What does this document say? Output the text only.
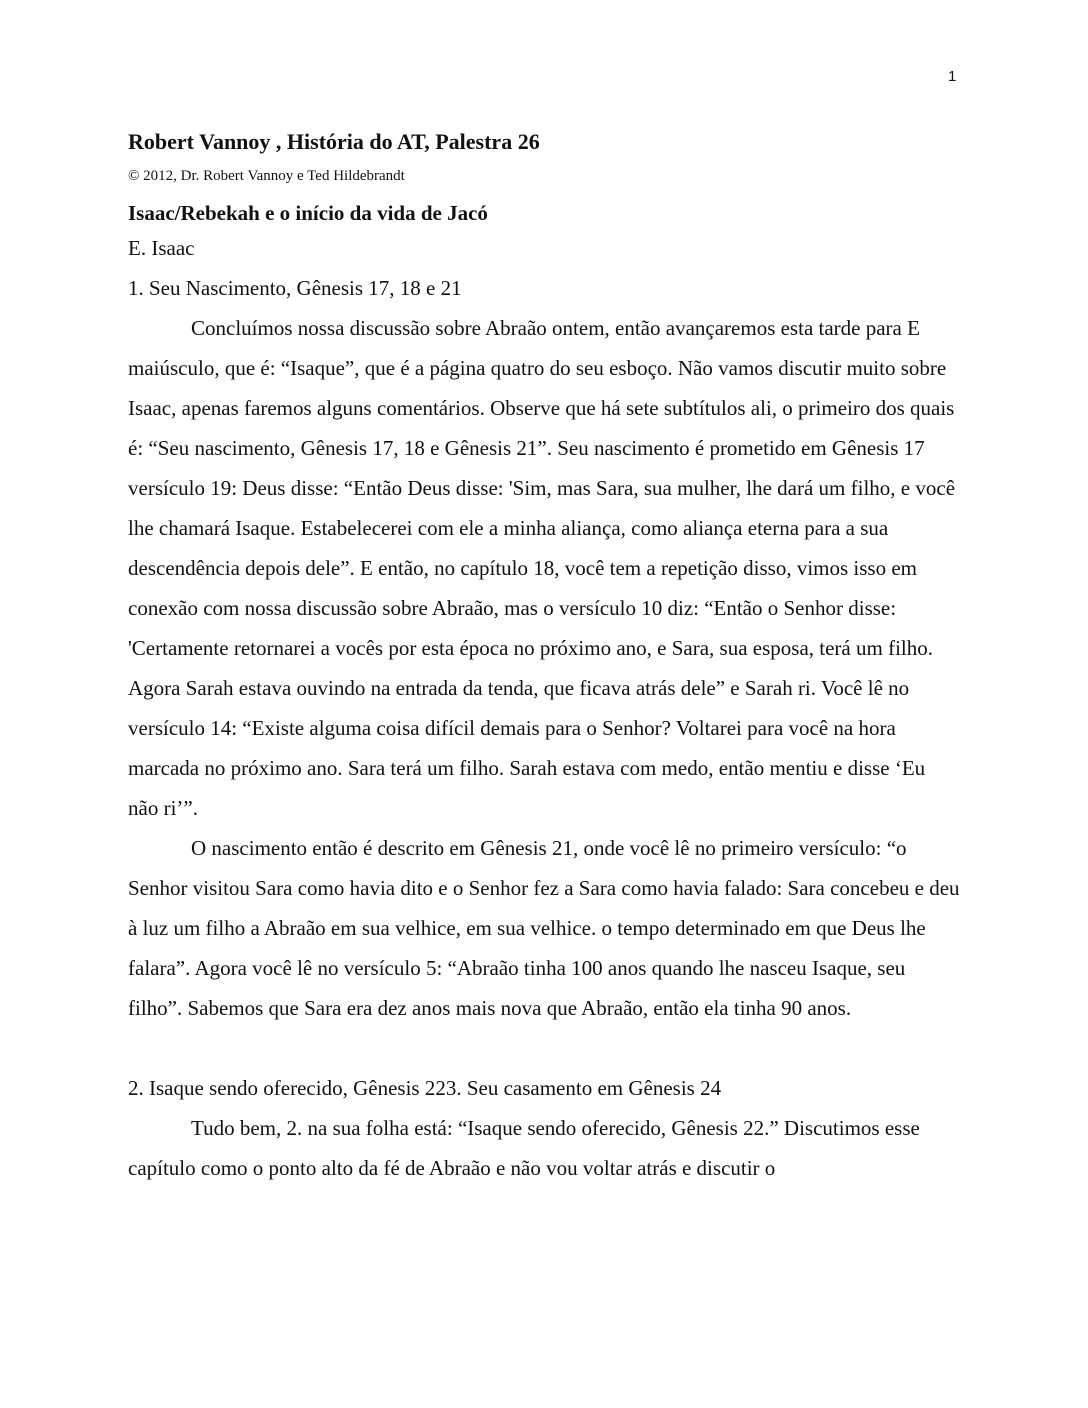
1

Robert Vannoy , História do AT, Palestra 26

© 2012, Dr. Robert Vannoy e Ted Hildebrandt

Isaac/Rebekah e o início da vida de Jacó

E. Isaac

1. Seu Nascimento, Gênesis 17, 18 e 21

Concluímos nossa discussão sobre Abraão ontem, então avançaremos esta tarde para E maiúsculo, que é: “Isaque”, que é a página quatro do seu esboço. Não vamos discutir muito sobre Isaac, apenas faremos alguns comentários. Observe que há sete subtítulos ali, o primeiro dos quais é: “Seu nascimento, Gênesis 17, 18 e Gênesis 21”. Seu nascimento é prometido em Gênesis 17 versículo 19: Deus disse: “Então Deus disse: 'Sim, mas Sara, sua mulher, lhe dará um filho, e você lhe chamará Isaque. Estabelecerei com ele a minha aliança, como aliança eterna para a sua descendência depois dele”. E então, no capítulo 18, você tem a repetição disso, vimos isso em conexão com nossa discussão sobre Abraão, mas o versículo 10 diz: “Então o Senhor disse: 'Certamente retornarei a vocês por esta época no próximo ano, e Sara, sua esposa, terá um filho. Agora Sarah estava ouvindo na entrada da tenda, que ficava atrás dele” e Sarah ri. Você lê no versículo 14: “Existe alguma coisa difícil demais para o Senhor? Voltarei para você na hora marcada no próximo ano. Sara terá um filho. Sarah estava com medo, então mentiu e disse ‘Eu não ri’”.

O nascimento então é descrito em Gênesis 21, onde você lê no primeiro versículo: “o Senhor visitou Sara como havia dito e o Senhor fez a Sara como havia falado: Sara concebeu e deu à luz um filho a Abraão em sua velhice, em sua velhice. o tempo determinado em que Deus lhe falara”. Agora você lê no versículo 5: “Abraão tinha 100 anos quando lhe nasceu Isaque, seu filho”. Sabemos que Sara era dez anos mais nova que Abraão, então ela tinha 90 anos.

2. Isaque sendo oferecido, Gênesis 223. Seu casamento em Gênesis 24

Tudo bem, 2. na sua folha está: “Isaque sendo oferecido, Gênesis 22.” Discutimos esse capítulo como o ponto alto da fé de Abraão e não vou voltar atrás e discutir o
